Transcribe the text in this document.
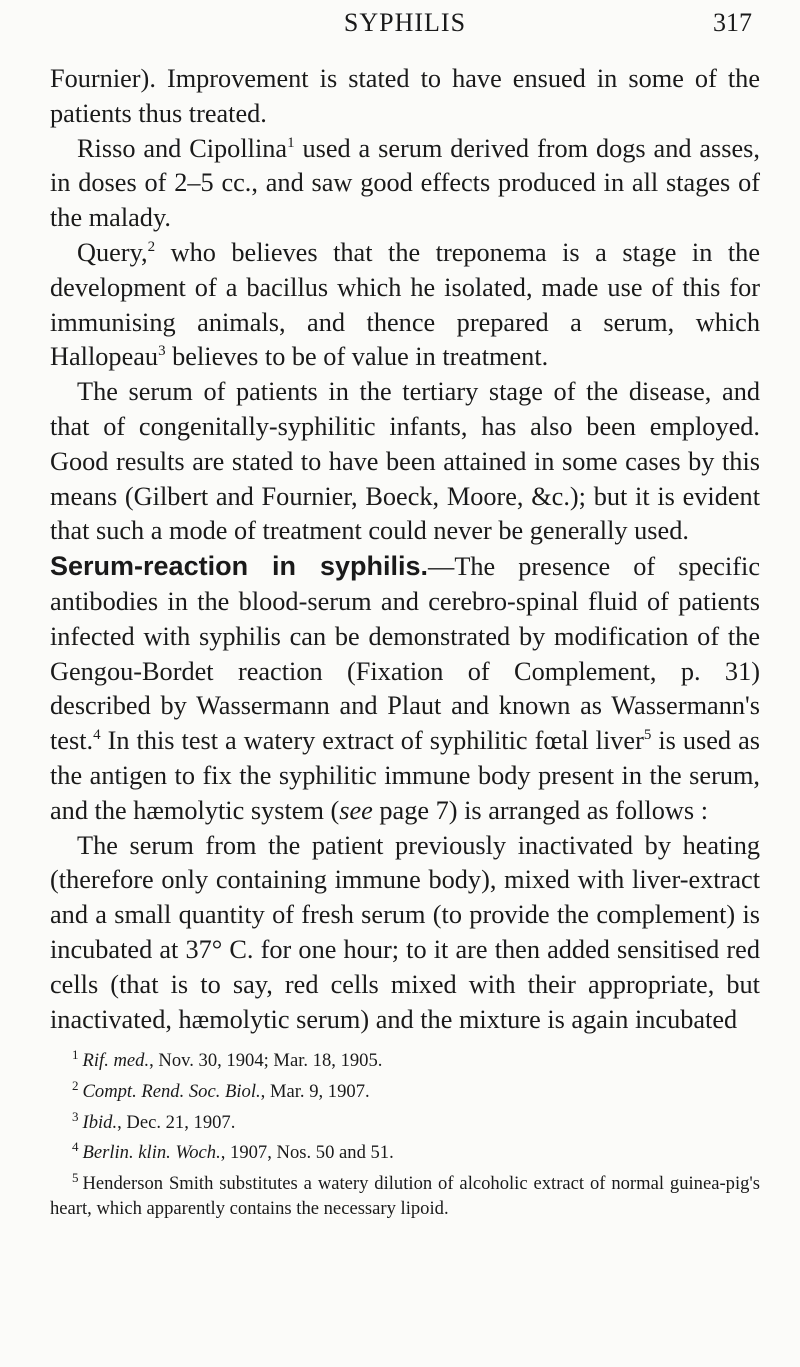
SYPHILIS	317

Fournier). Improvement is stated to have ensued in some of the patients thus treated.

Risso and Cipollina$^1$ used a serum derived from dogs and asses, in doses of 2–5 cc., and saw good effects produced in all stages of the malady.

Query,$^2$ who believes that the treponema is a stage in the development of a bacillus which he isolated, made use of this for immunising animals, and thence prepared a serum, which Hallopeau$^3$ believes to be of value in treatment.

The serum of patients in the tertiary stage of the disease, and that of congenitally-syphilitic infants, has also been employed. Good results are stated to have been attained in some cases by this means (Gilbert and Fournier, Boeck, Moore, &c.); but it is evident that such a mode of treatment could never be generally used.

Serum-reaction in syphilis.—The presence of specific antibodies in the blood-serum and cerebro-spinal fluid of patients infected with syphilis can be demonstrated by modification of the Gengou-Bordet reaction (Fixation of Complement, p. 31) described by Wassermann and Plaut and known as Wassermann's test.$^4$ In this test a watery extract of syphilitic fœtal liver$^5$ is used as the antigen to fix the syphilitic immune body present in the serum, and the hæmolytic system (see page 7) is arranged as follows :

The serum from the patient previously inactivated by heating (therefore only containing immune body), mixed with liver-extract and a small quantity of fresh serum (to provide the complement) is incubated at 37° C. for one hour; to it are then added sensitised red cells (that is to say, red cells mixed with their appropriate, but inactivated, hæmolytic serum) and the mixture is again incubated

$^1$ Rif. med., Nov. 30, 1904; Mar. 18, 1905.

$^2$ Compt. Rend. Soc. Biol., Mar. 9, 1907.

$^3$ Ibid., Dec. 21, 1907.

$^4$ Berlin. klin. Woch., 1907, Nos. 50 and 51.

$^5$ Henderson Smith substitutes a watery dilution of alcoholic extract of normal guinea-pig's heart, which apparently contains the necessary lipoid.
